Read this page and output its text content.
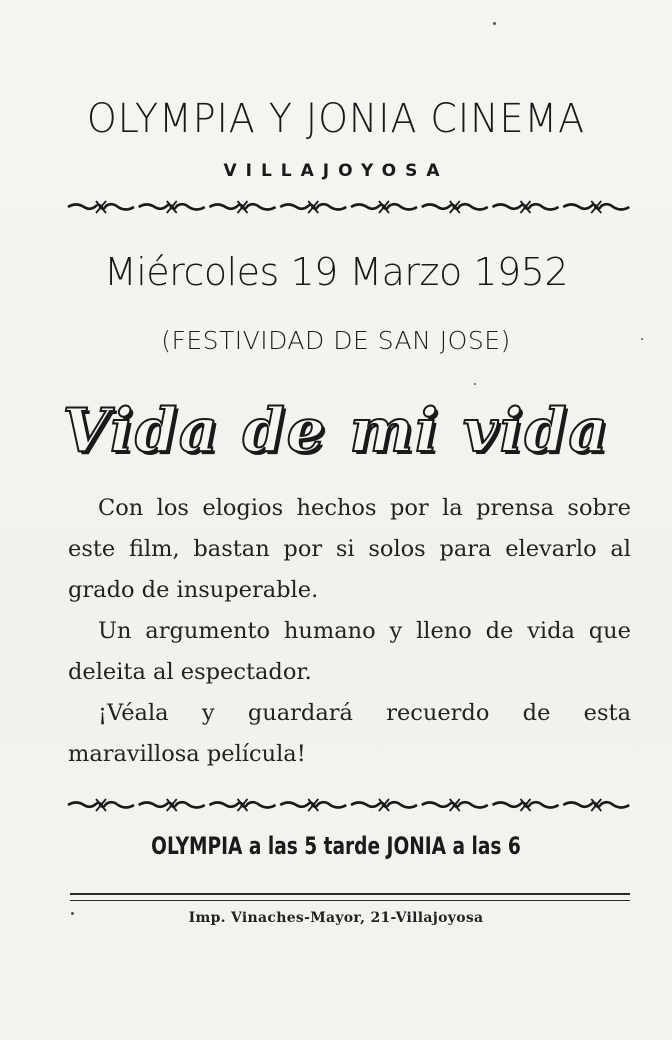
OLYMPIA Y JONIA CINEMA
VILLAJOYOSA
Miércoles 19 Marzo 1952
(FESTIVIDAD DE SAN JOSE)
Vida de mi vida

Con los elogios hechos por la prensa sobre este film, bastan por si solos para elevarlo al grado de insuperable.

Un argumento humano y lleno de vida que deleita al espectador.

¡Véala y guardará recuerdo de esta maravillosa película!

OLYMPIA a las 5 tarde JONIA a las 6
Imp. Vinaches-Mayor, 21-Villajoyosa
